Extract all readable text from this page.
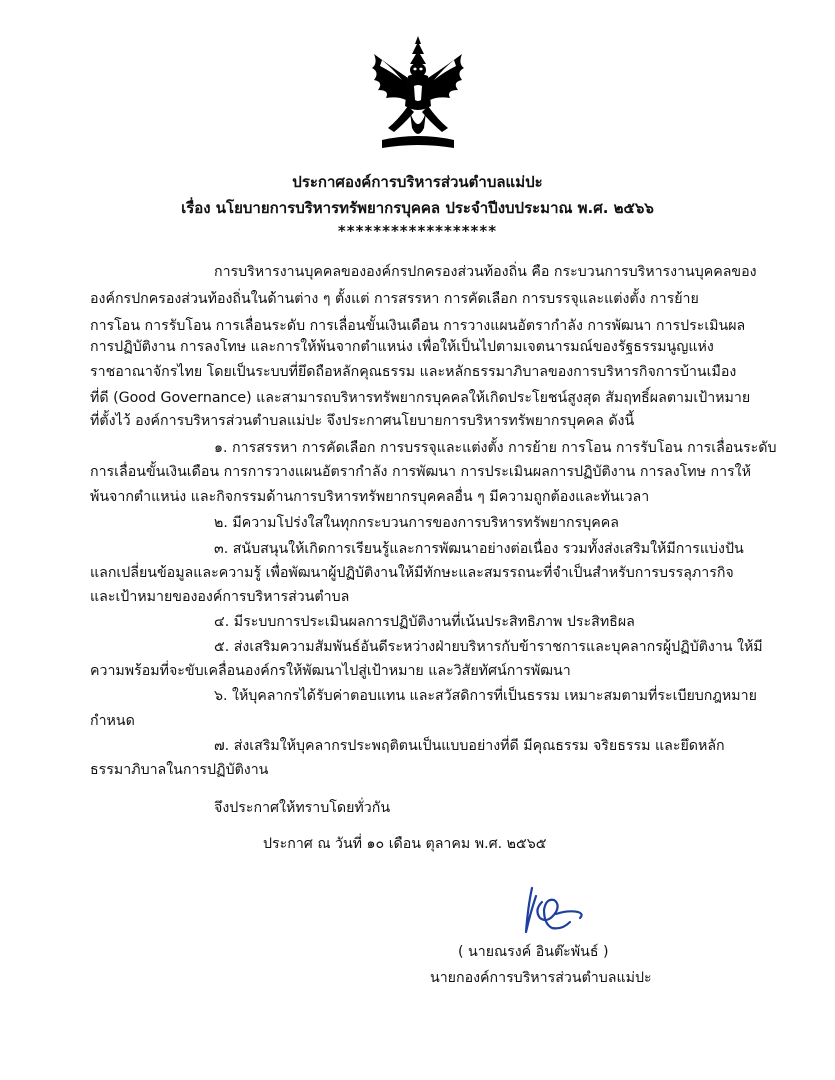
ประกาศองค์การบริหารส่วนตำบลแม่ปะ
เรื่อง นโยบายการบริหารทรัพยากรบุคคล ประจำปีงบประมาณ พ.ศ. ๒๕๖๖
******************
การบริหารงานบุคคลขององค์กรปกครองส่วนท้องถิ่น คือ กระบวนการบริหารงานบุคคลของ
องค์กรปกครองส่วนท้องถิ่นในด้านต่าง ๆ ตั้งแต่ การสรรหา การคัดเลือก การบรรจุและแต่งตั้ง การย้าย
การโอน การรับโอน การเลื่อนระดับ การเลื่อนขั้นเงินเดือน การวางแผนอัตรากำลัง การพัฒนา การประเมินผล
การปฏิบัติงาน การลงโทษ และการให้พ้นจากตำแหน่ง เพื่อให้เป็นไปตามเจตนารมณ์ของรัฐธรรมนูญแห่ง
ราชอาณาจักรไทย โดยเป็นระบบที่ยึดถือหลักคุณธรรม และหลักธรรมาภิบาลของการบริหารกิจการบ้านเมือง
ที่ดี (Good Governance) และสามารถบริหารทรัพยากรบุคคลให้เกิดประโยชน์สูงสุด สัมฤทธิ์ผลตามเป้าหมาย
ที่ตั้งไว้ องค์การบริหารส่วนตำบลแม่ปะ จึงประกาศนโยบายการบริหารทรัพยากรบุคคล ดังนี้
๑. การสรรหา การคัดเลือก การบรรจุและแต่งตั้ง การย้าย การโอน การรับโอน การเลื่อนระดับ
การเลื่อนขั้นเงินเดือน การการวางแผนอัตรากำลัง การพัฒนา การประเมินผลการปฏิบัติงาน การลงโทษ การให้
พ้นจากตำแหน่ง และกิจกรรมด้านการบริหารทรัพยากรบุคคลอื่น ๆ มีความถูกต้องและทันเวลา
๒. มีความโปร่งใสในทุกกระบวนการของการบริหารทรัพยากรบุคคล
๓. สนับสนุนให้เกิดการเรียนรู้และการพัฒนาอย่างต่อเนื่อง รวมทั้งส่งเสริมให้มีการแบ่งปัน
แลกเปลี่ยนข้อมูลและความรู้ เพื่อพัฒนาผู้ปฏิบัติงานให้มีทักษะและสมรรถนะที่จำเป็นสำหรับการบรรลุภารกิจ
และเป้าหมายขององค์การบริหารส่วนตำบล
๔. มีระบบการประเมินผลการปฏิบัติงานที่เน้นประสิทธิภาพ ประสิทธิผล
๕. ส่งเสริมความสัมพันธ์อันดีระหว่างฝ่ายบริหารกับข้าราชการและบุคลากรผู้ปฏิบัติงาน ให้มี
ความพร้อมที่จะขับเคลื่อนองค์กรให้พัฒนาไปสู่เป้าหมาย และวิสัยทัศน์การพัฒนา
๖. ให้บุคลากรได้รับค่าตอบแทน และสวัสดิการที่เป็นธรรม เหมาะสมตามที่ระเบียบกฎหมาย
กำหนด
๗. ส่งเสริมให้บุคลากรประพฤติตนเป็นแบบอย่างที่ดี มีคุณธรรม จริยธรรม และยึดหลัก
ธรรมาภิบาลในการปฏิบัติงาน
จึงประกาศให้ทราบโดยทั่วกัน
ประกาศ ณ วันที่ ๑๐ เดือน ตุลาคม พ.ศ. ๒๕๖๕
( นายณรงค์ อินต๊ะพันธ์ )
นายกองค์การบริหารส่วนตำบลแม่ปะ
